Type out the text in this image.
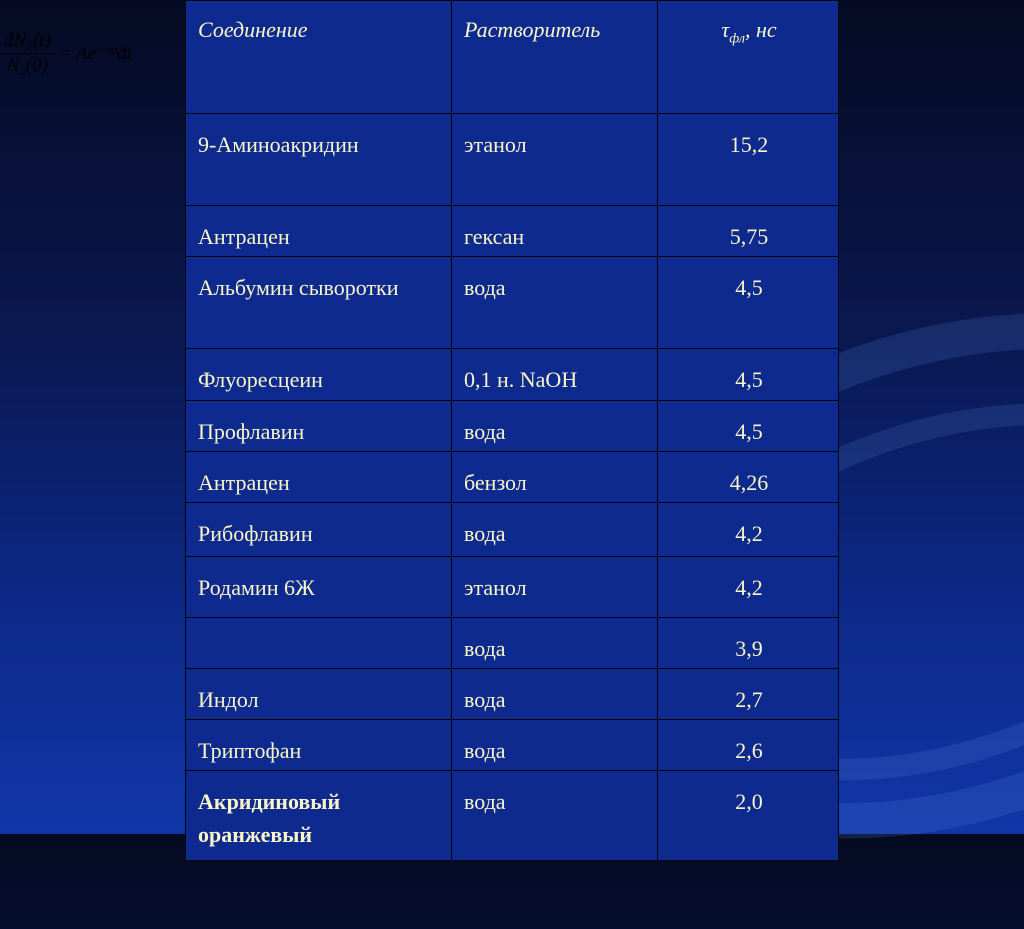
$\frac{\text{dN₂(t)}}{\text{N₂(0)}}$ = Ae⁻ᴬᵗdt
Соединение	Растворитель	$\tau_{фл}$, нс
9-Аминоакридин	этанол	15,2
Антрацен	гексан	5,75
Альбумин сыворотки	вода	4,5
Флуоресцеин	0,1 н. NaOH	4,5
Профлавин	вода	4,5
Антрацен	бензол	4,26
Рибофлавин	вода	4,2
Родамин 6Ж	этанол	4,2
	вода	3,9
Индол	вода	2,7
Триптофан	вода	2,6
Акридиновый оранжевый	вода	2,0
